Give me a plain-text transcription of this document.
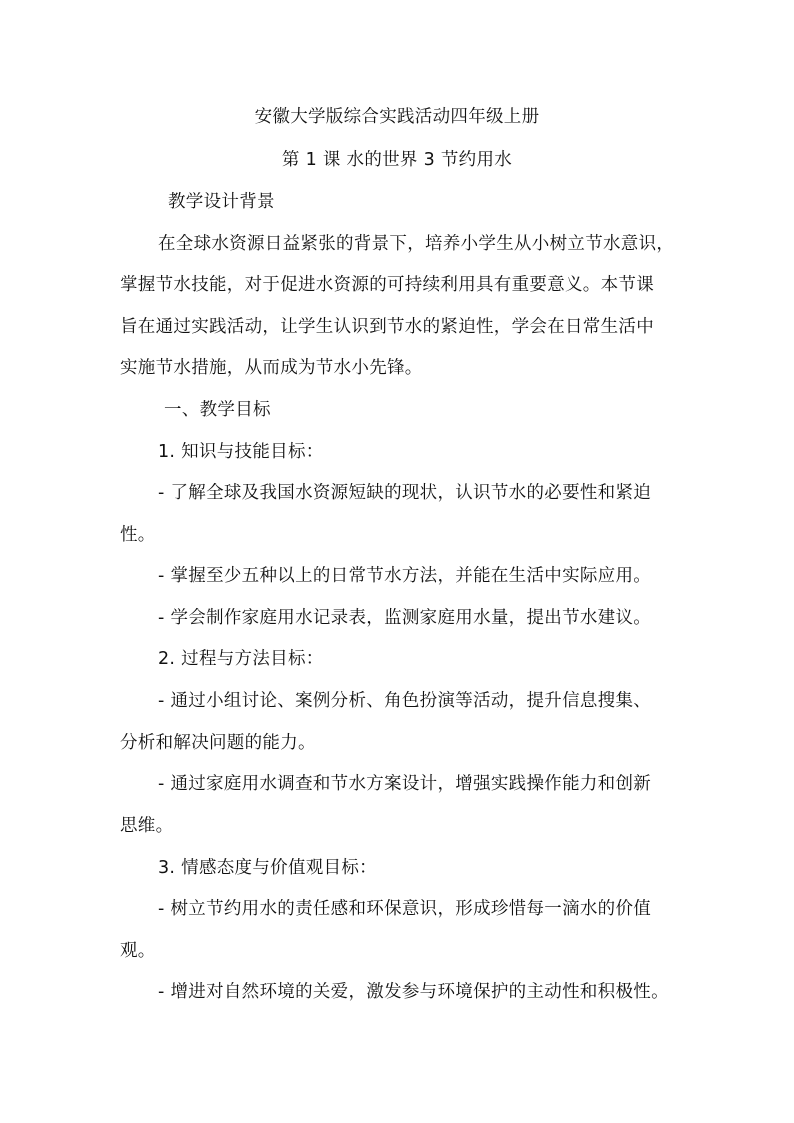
安徽大学版综合实践活动四年级上册
第 1 课 水的世界 3 节约用水
教学设计背景
在全球水资源日益紧张的背景下，培养小学生从小树立节水意识，
掌握节水技能，对于促进水资源的可持续利用具有重要意义。本节课
旨在通过实践活动，让学生认识到节水的紧迫性，学会在日常生活中
实施节水措施，从而成为节水小先锋。
一、教学目标
1. 知识与技能目标：
- 了解全球及我国水资源短缺的现状，认识节水的必要性和紧迫
性。
- 掌握至少五种以上的日常节水方法，并能在生活中实际应用。
- 学会制作家庭用水记录表，监测家庭用水量，提出节水建议。
2. 过程与方法目标：
- 通过小组讨论、案例分析、角色扮演等活动，提升信息搜集、
分析和解决问题的能力。
- 通过家庭用水调查和节水方案设计，增强实践操作能力和创新
思维。
3. 情感态度与价值观目标：
- 树立节约用水的责任感和环保意识，形成珍惜每一滴水的价值
观。
- 增进对自然环境的关爱，激发参与环境保护的主动性和积极性。
